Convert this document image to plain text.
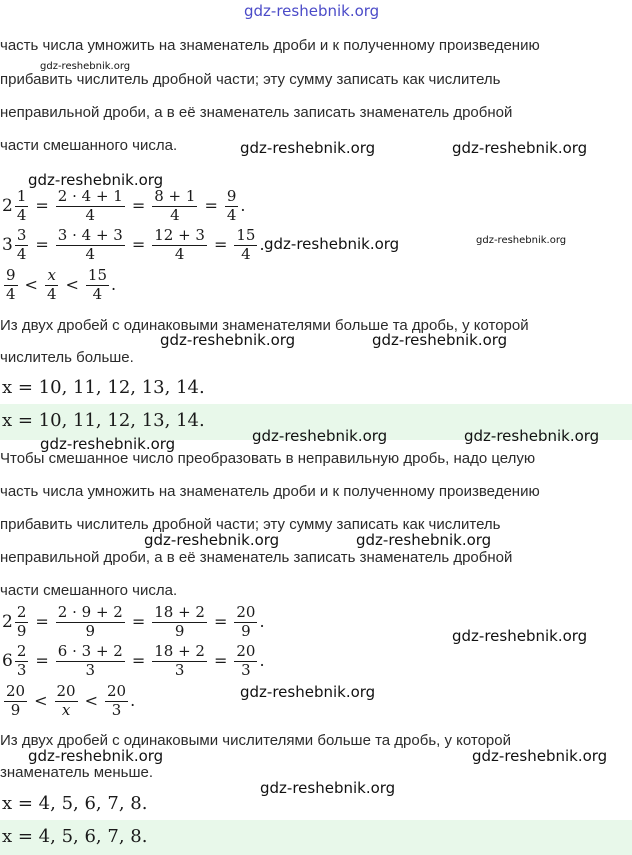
gdz-reshebnik.org
часть числа умножить на знаменатель дроби и к полученному произведению
прибавить числитель дробной части; эту сумму записать как числитель
неправильной дроби, а в её знаменатель записать знаменатель дробной
части смешанного числа.
$2 \frac{1}{4} = \frac{2 \cdot 4 + 1}{4} = \frac{8 + 1}{4} = \frac{9}{4}$ .
$3 \frac{3}{4} = \frac{3 \cdot 4 + 3}{4} = \frac{12 + 3}{4} = \frac{15}{4}$ .
$\frac{9}{4} < \frac{x}{4} < \frac{15}{4}$ .
Из двух дробей с одинаковыми знаменателями больше та дробь, у которой
числитель больше.
x = 10, 11, 12, 13, 14.
x = 10, 11, 12, 13, 14.
Чтобы смешанное число преобразовать в неправильную дробь, надо целую
часть числа умножить на знаменатель дроби и к полученному произведению
прибавить числитель дробной части; эту сумму записать как числитель
неправильной дроби, а в её знаменатель записать знаменатель дробной
части смешанного числа.
$2 \frac{2}{9} = \frac{2 \cdot 9 + 2}{9} = \frac{18 + 2}{9} = \frac{20}{9}$ .
$6 \frac{2}{3} = \frac{6 \cdot 3 + 2}{3} = \frac{18 + 2}{3} = \frac{20}{3}$ .
$\frac{20}{9} < \frac{20}{x} < \frac{20}{3}$ .
Из двух дробей с одинаковыми числителями больше та дробь, у которой
знаменатель меньше.
x = 4, 5, 6, 7, 8.
x = 4, 5, 6, 7, 8.
gdz-reshebnik.org
gdz-reshebnik.org	gdz-reshebnik.org
gdz-reshebnik.org
gdz-reshebnik.org	gdz-reshebnik.org
gdz-reshebnik.org	gdz-reshebnik.org
gdz-reshebnik.org	gdz-reshebnik.org	gdz-reshebnik.org
gdz-reshebnik.org	gdz-reshebnik.org
gdz-reshebnik.org
gdz-reshebnik.org
gdz-reshebnik.org	gdz-reshebnik.org
gdz-reshebnik.org
